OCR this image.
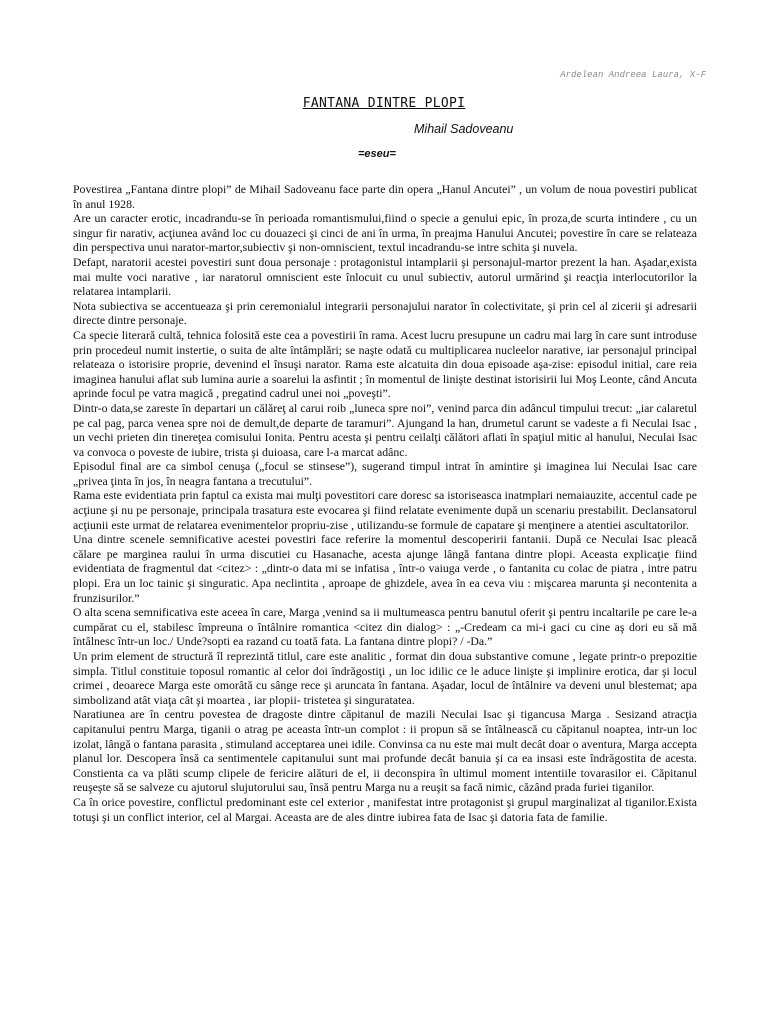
Ardelean Andreea Laura, X-F
FANTANA DINTRE PLOPI
Mihail Sadoveanu
=eseu=

Povestirea „Fantana dintre plopi” de Mihail Sadoveanu face parte din opera „Hanul Ancutei” , un volum de noua povestiri publicat în anul 1928.

Are un caracter erotic, incadrandu-se în perioada romantismului,fiind o specie a genului epic, în proza,de scurta intindere , cu un singur fir narativ, acţiunea având loc cu douazeci şi cinci de ani în urma, în preajma Hanului Ancutei; povestire în care se relateaza din perspectiva unui narator-martor,subiectiv şi non-omniscient, textul incadrandu-se intre schita şi nuvela.

Defapt, naratorii acestei povestiri sunt doua personaje : protagonistul intamplarii şi personajul-martor prezent la han. Aşadar,exista mai multe voci narative , iar naratorul omniscient este înlocuit cu unul subiectiv, autorul urmărind şi reacţia interlocutorilor la relatarea intamplarii.

Nota subiectiva se accentueaza şi prin ceremonialul integrarii personajului narator în colectivitate, şi prin cel al zicerii şi adresarii directe dintre personaje.

Ca specie literară cultă, tehnica folosită este cea a povestirii în rama. Acest lucru presupune un cadru mai larg în care sunt introduse prin procedeul numit instertie, o suita de alte întâmplări; se naşte odată cu multiplicarea nucleelor narative, iar personajul principal relateaza o istorisire proprie, devenind el însuşi narator. Rama este alcatuita din doua episoade aşa-zise: episodul initial, care reia imaginea hanului aflat sub lumina aurie a soarelui la asfintit ; în momentul de linişte destinat istorisirii lui Moş Leonte, când Ancuta aprinde focul pe vatra magică , pregatind cadrul unei noi „poveşti”.

Dintr-o data,se zareste în departari un călăreţ al carui roib „luneca spre noi”, venind parca din adâncul timpului trecut: „iar calaretul pe cal pag, parca venea spre noi de demult,de departe de taramuri”. Ajungand la han, drumetul carunt se vadeste a fi Neculai Isac , un vechi prieten din tinereţea comisului Ionita. Pentru acesta şi pentru ceilalţi călători aflati în spaţiul mitic al hanului, Neculai Isac va convoca o poveste de iubire, trista şi duioasa, care l-a marcat adânc.

Episodul final are ca simbol cenuşa („focul se stinsese”), sugerand timpul intrat în amintire şi imaginea lui Neculai Isac care „privea ţinta în jos, în neagra fantana a trecutului”.

Rama este evidentiata prin faptul ca exista mai mulţi povestitori care doresc sa istoriseasca inatmplari nemaiauzite, accentul cade pe acţiune şi nu pe personaje, principala trasatura este evocarea şi fiind relatate evenimente după un scenariu prestabilit. Declansatorul acţiunii este urmat de relatarea evenimentelor propriu-zise , utilizandu-se formule de capatare şi menţinere a atentiei ascultatorilor.

Una dintre scenele semnificative acestei povestiri face referire la momentul descoperirii fantanii. După ce Neculai Isac pleacă călare pe marginea raului în urma discutiei cu Hasanache, acesta ajunge lângă fantana dintre plopi. Aceasta explicaţie fiind evidentiata de fragmentul dat <citez> : „dintr-o data mi se infatisa , într-o vaiuga verde , o fantanita cu colac de piatra , intre patru plopi. Era un loc tainic şi singuratic. Apa neclintita , aproape de ghizdele, avea în ea ceva viu : mişcarea marunta şi necontenita a frunzisurilor.”

O alta scena semnificativa este aceea în care, Marga ,venind sa ii multumeasca pentru banutul oferit şi pentru incaltarile pe care le-a cumpărat cu el, stabilesc împreuna o întâlnire romantica <citez din dialog> : „-Credeam ca mi-i gaci cu cine aş dori eu să mă întâlnesc într-un loc./ Unde?sopti ea razand cu toată fata. La fantana dintre plopi? / -Da.”

Un prim element de structură îl reprezintă titlul, care este analitic , format din doua substantive comune , legate printr-o prepozitie simpla. Titlul constituie toposul romantic al celor doi îndrăgostiţi , un loc idilic ce le aduce linişte şi implinire erotica, dar şi locul crimei , deoarece Marga este omorâtă cu sânge rece şi aruncata în fantana. Aşadar, locul de întâlnire va deveni unul blestemat; apa simbolizand atât viaţa cât şi moartea , iar plopii- tristetea şi singuratatea.

Naratiunea are în centru povestea de dragoste dintre căpitanul de mazili Neculai Isac şi tigancusa Marga . Sesizand atracţia capitanului pentru Marga, tiganii o atrag pe aceasta într-un complot : ii propun să se întâlnească cu căpitanul noaptea, intr-un loc izolat, lângă o fantana parasita , stimuland acceptarea unei idile. Convinsa ca nu este mai mult decât doar o aventura, Marga accepta planul lor. Descopera însă ca sentimentele capitanului sunt mai profunde decât banuia şi ca ea insasi este îndrăgostita de acesta. Constienta ca va plăti scump clipele de fericire alături de el, ii deconspira în ultimul moment intentiile tovarasilor ei. Căpitanul reuşeşte să se salveze cu ajutorul slujutorului sau, însă pentru Marga nu a reuşit sa facă nimic, căzând prada furiei tiganilor.

Ca în orice povestire, conflictul predominant este cel exterior , manifestat intre protagonist şi grupul marginalizat al tiganilor.Exista totuşi şi un conflict interior, cel al Margai. Aceasta are de ales dintre iubirea fata de Isac şi datoria fata de familie.
